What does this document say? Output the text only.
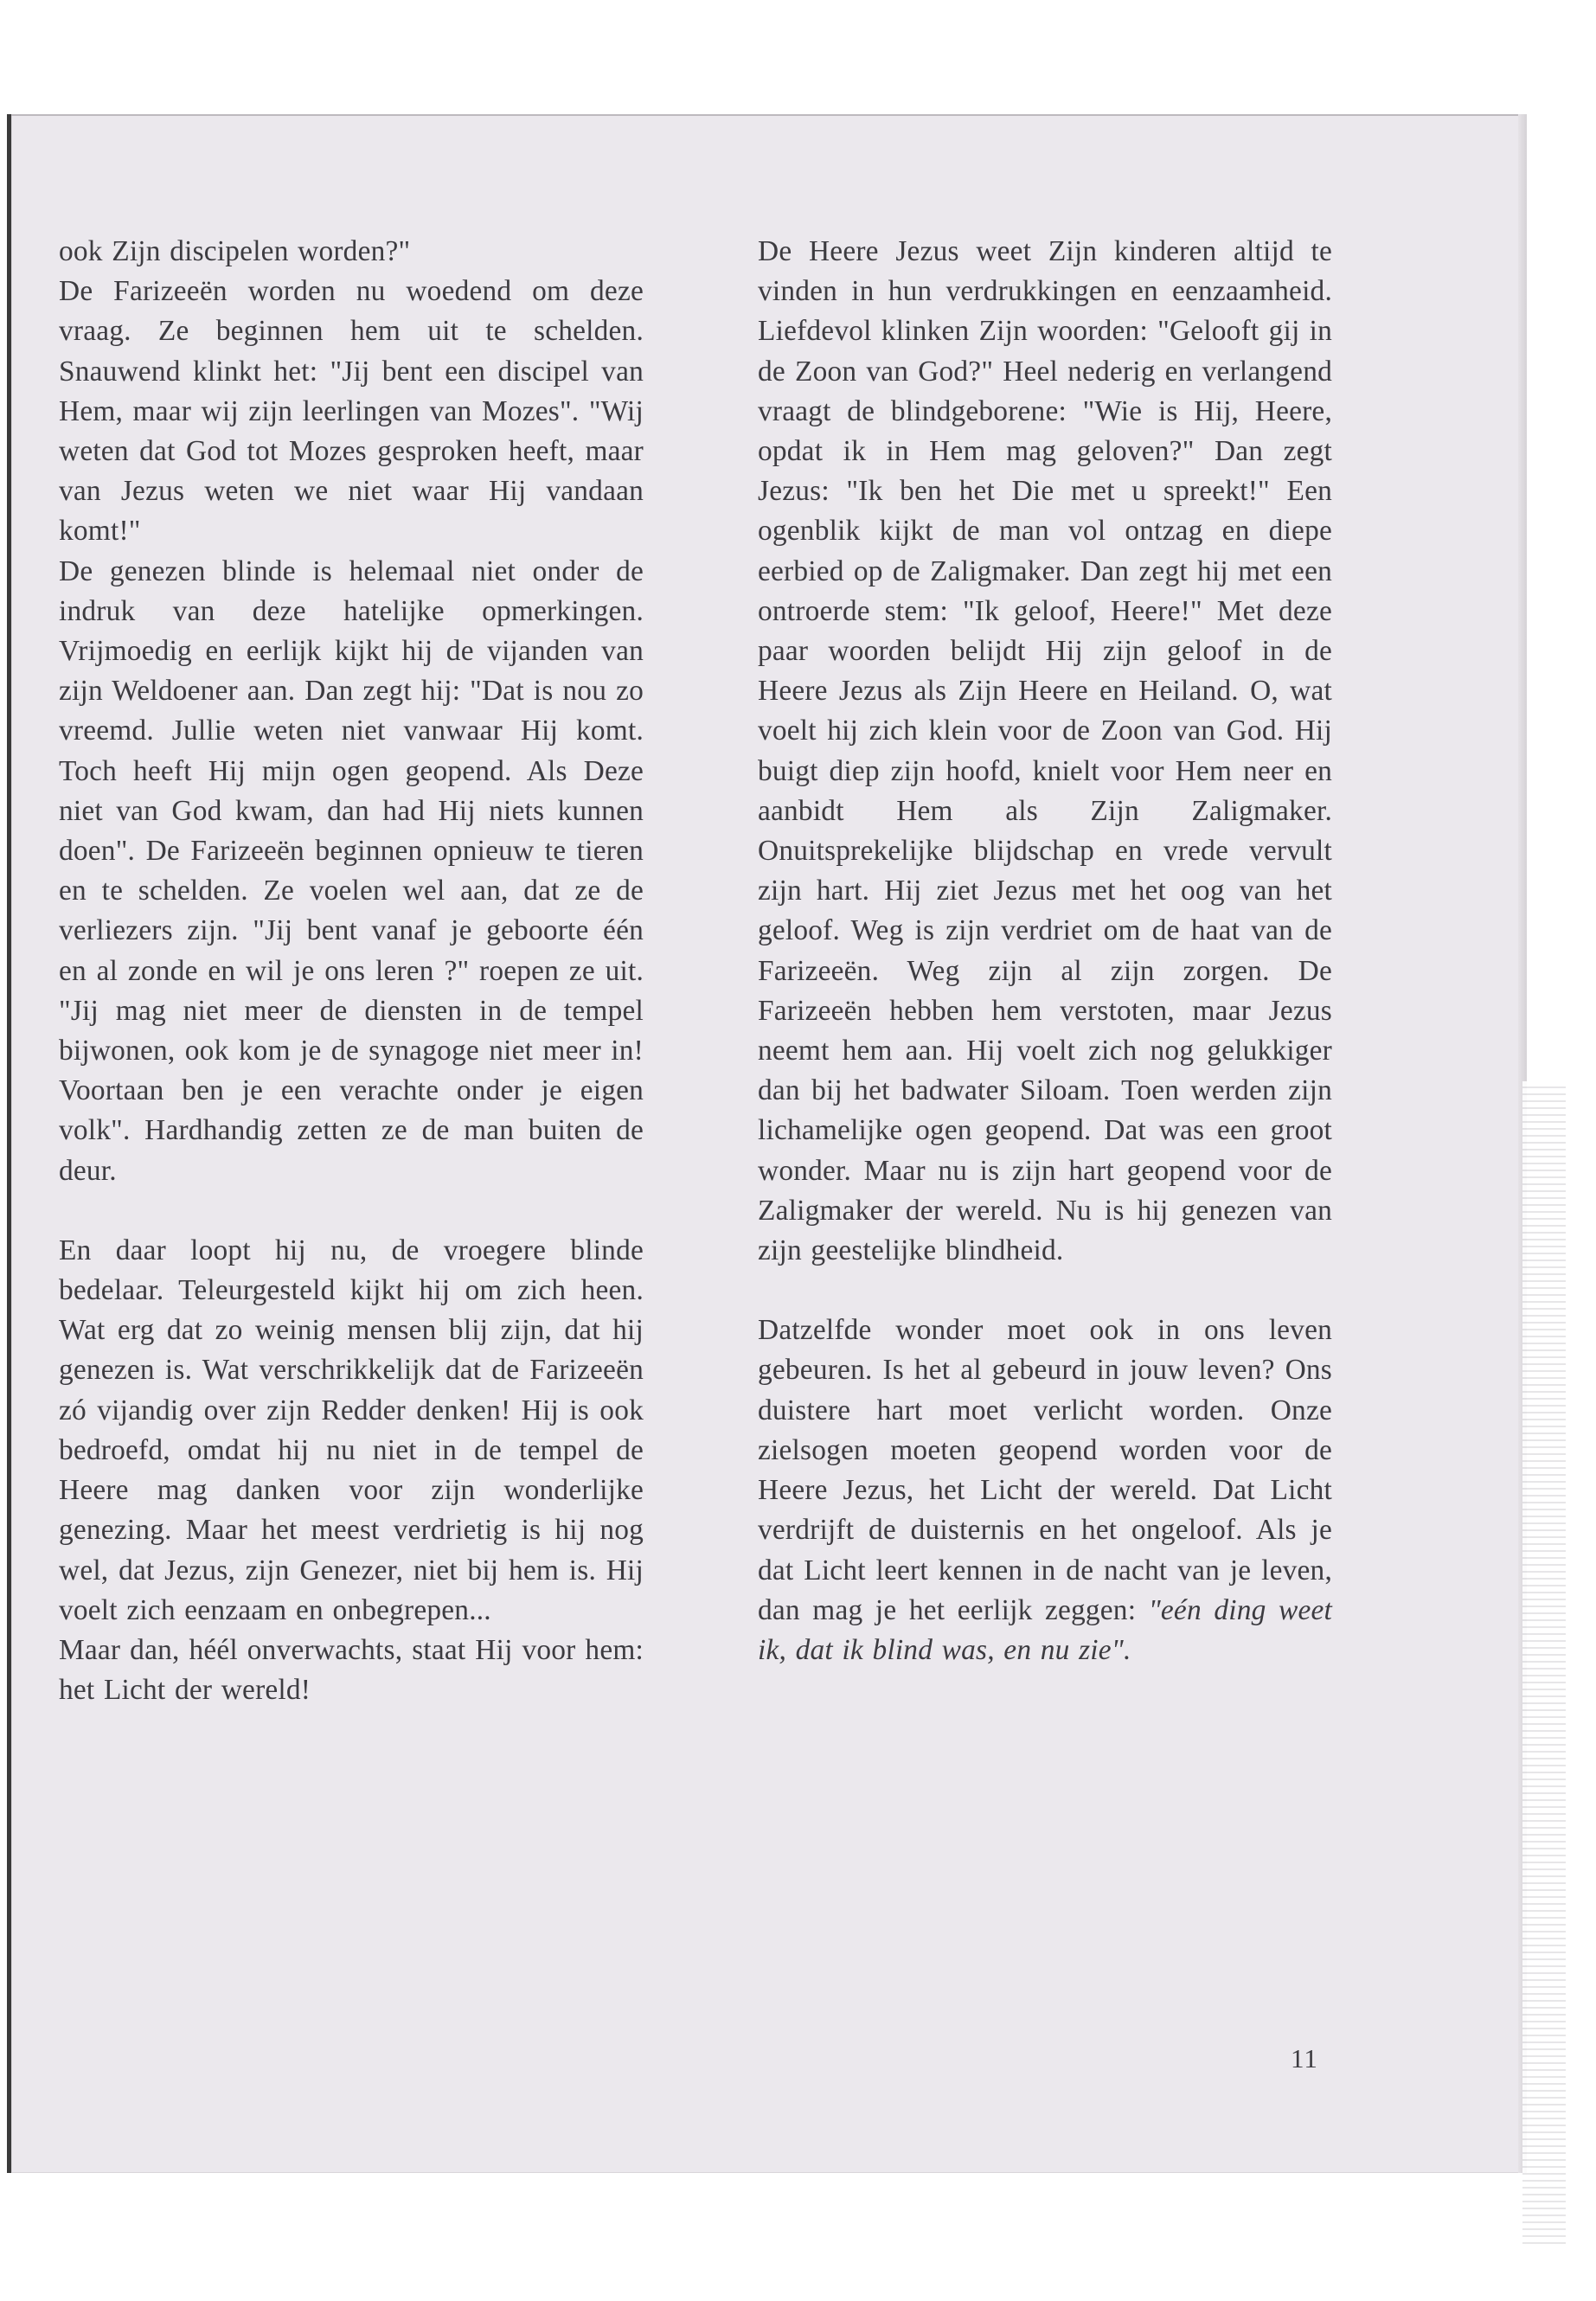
ook Zijn discipelen worden?"

De Farizeeën worden nu woedend om deze vraag. Ze beginnen hem uit te schelden. Snauwend klinkt het: "Jij bent een discipel van Hem, maar wij zijn leerlingen van Mozes". "Wij weten dat God tot Mozes gesproken heeft, maar van Jezus weten we niet waar Hij vandaan komt!"

De genezen blinde is helemaal niet onder de indruk van deze hatelijke opmerkingen. Vrijmoedig en eerlijk kijkt hij de vijanden van zijn Weldoener aan. Dan zegt hij: "Dat is nou zo vreemd. Jullie weten niet vanwaar Hij komt. Toch heeft Hij mijn ogen geopend. Als Deze niet van God kwam, dan had Hij niets kunnen doen". De Farizeeën beginnen opnieuw te tieren en te schelden. Ze voelen wel aan, dat ze de verliezers zijn. "Jij bent vanaf je geboorte één en al zonde en wil je ons leren ?" roepen ze uit. "Jij mag niet meer de diensten in de tempel bijwonen, ook kom je de synagoge niet meer in! Voortaan ben je een verachte onder je eigen volk". Hardhandig zetten ze de man buiten de deur.

En daar loopt hij nu, de vroegere blinde bedelaar. Teleurgesteld kijkt hij om zich heen. Wat erg dat zo weinig mensen blij zijn, dat hij genezen is. Wat verschrikkelijk dat de Farizeeën zó vijandig over zijn Redder denken! Hij is ook bedroefd, omdat hij nu niet in de tempel de Heere mag danken voor zijn wonderlijke genezing. Maar het meest verdrietig is hij nog wel, dat Jezus, zijn Genezer, niet bij hem is. Hij voelt zich eenzaam en onbegrepen...

Maar dan, héél onverwachts, staat Hij voor hem: het Licht der wereld!

De Heere Jezus weet Zijn kinderen altijd te vinden in hun verdrukkingen en eenzaamheid. Liefdevol klinken Zijn woorden: "Gelooft gij in de Zoon van God?" Heel nederig en verlangend vraagt de blindgeborene: "Wie is Hij, Heere, opdat ik in Hem mag geloven?" Dan zegt Jezus: "Ik ben het Die met u spreekt!" Een ogenblik kijkt de man vol ontzag en diepe eerbied op de Zaligmaker. Dan zegt hij met een ontroerde stem: "Ik geloof, Heere!" Met deze paar woorden belijdt Hij zijn geloof in de Heere Jezus als Zijn Heere en Heiland. O, wat voelt hij zich klein voor de Zoon van God. Hij buigt diep zijn hoofd, knielt voor Hem neer en aanbidt Hem als Zijn Zaligmaker. Onuitsprekelijke blijdschap en vrede vervult zijn hart. Hij ziet Jezus met het oog van het geloof. Weg is zijn verdriet om de haat van de Farizeeën. Weg zijn al zijn zorgen. De Farizeeën hebben hem verstoten, maar Jezus neemt hem aan. Hij voelt zich nog gelukkiger dan bij het badwater Siloam. Toen werden zijn lichamelijke ogen geopend. Dat was een groot wonder. Maar nu is zijn hart geopend voor de Zaligmaker der wereld. Nu is hij genezen van zijn geestelijke blindheid.

Datzelfde wonder moet ook in ons leven gebeuren. Is het al gebeurd in jouw leven? Ons duistere hart moet verlicht worden. Onze zielsogen moeten geopend worden voor de Heere Jezus, het Licht der wereld. Dat Licht verdrijft de duisternis en het ongeloof. Als je dat Licht leert kennen in de nacht van je leven, dan mag je het eerlijk zeggen: "eén ding weet ik, dat ik blind was, en nu zie".

11
